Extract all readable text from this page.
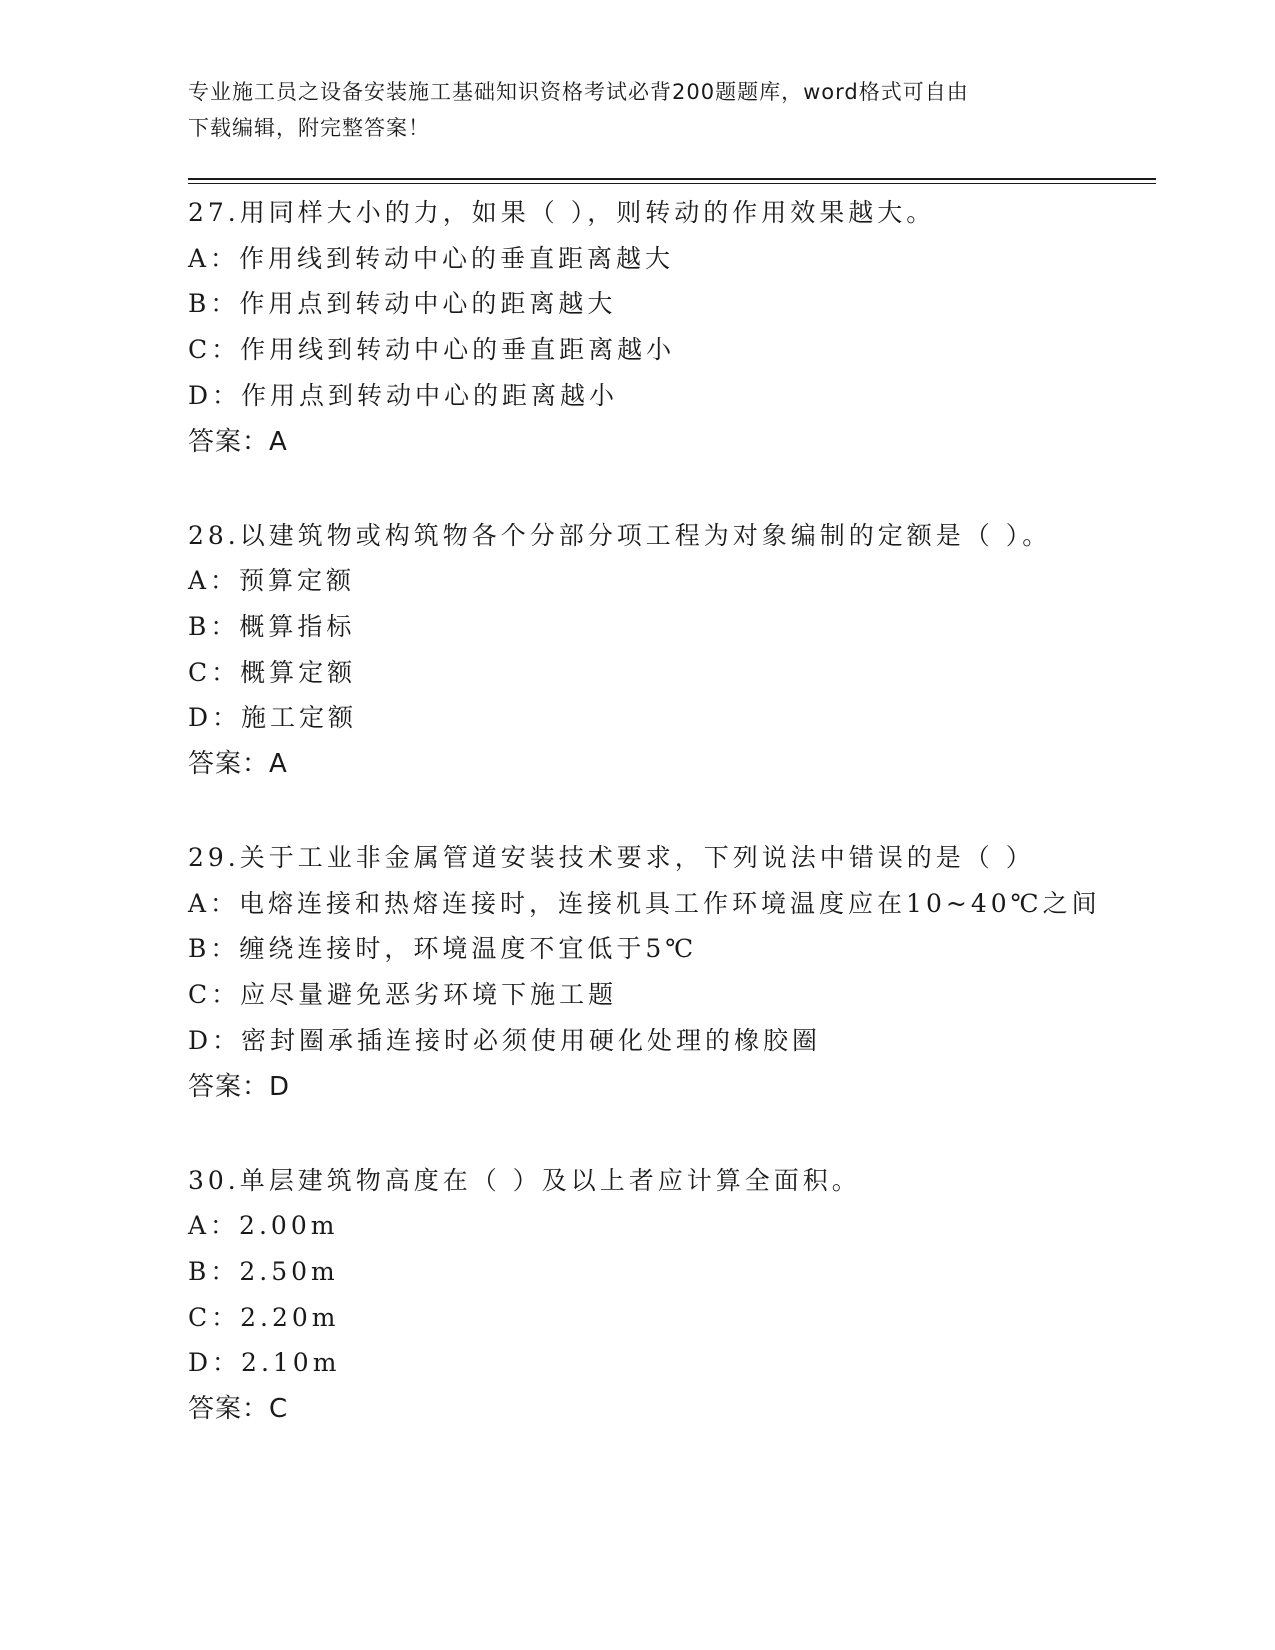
专业施工员之设备安装施工基础知识资格考试必背200题题库，word格式可自由
下载编辑，附完整答案！
27.用同样大小的力，如果（ ），则转动的作用效果越大。
A：作用线到转动中心的垂直距离越大
B：作用点到转动中心的距离越大
C：作用线到转动中心的垂直距离越小
D：作用点到转动中心的距离越小
答案：A
28.以建筑物或构筑物各个分部分项工程为对象编制的定额是（ ）。
A：预算定额
B：概算指标
C：概算定额
D：施工定额
答案：A
29.关于工业非金属管道安装技术要求，下列说法中错误的是（ ）
A：电熔连接和热熔连接时，连接机具工作环境温度应在10~40℃之间
B：缠绕连接时，环境温度不宜低于5℃
C：应尽量避免恶劣环境下施工题
D：密封圈承插连接时必须使用硬化处理的橡胶圈
答案：D
30.单层建筑物高度在（ ）及以上者应计算全面积。
A：2.00m
B：2.50m
C：2.20m
D：2.10m
答案：C
